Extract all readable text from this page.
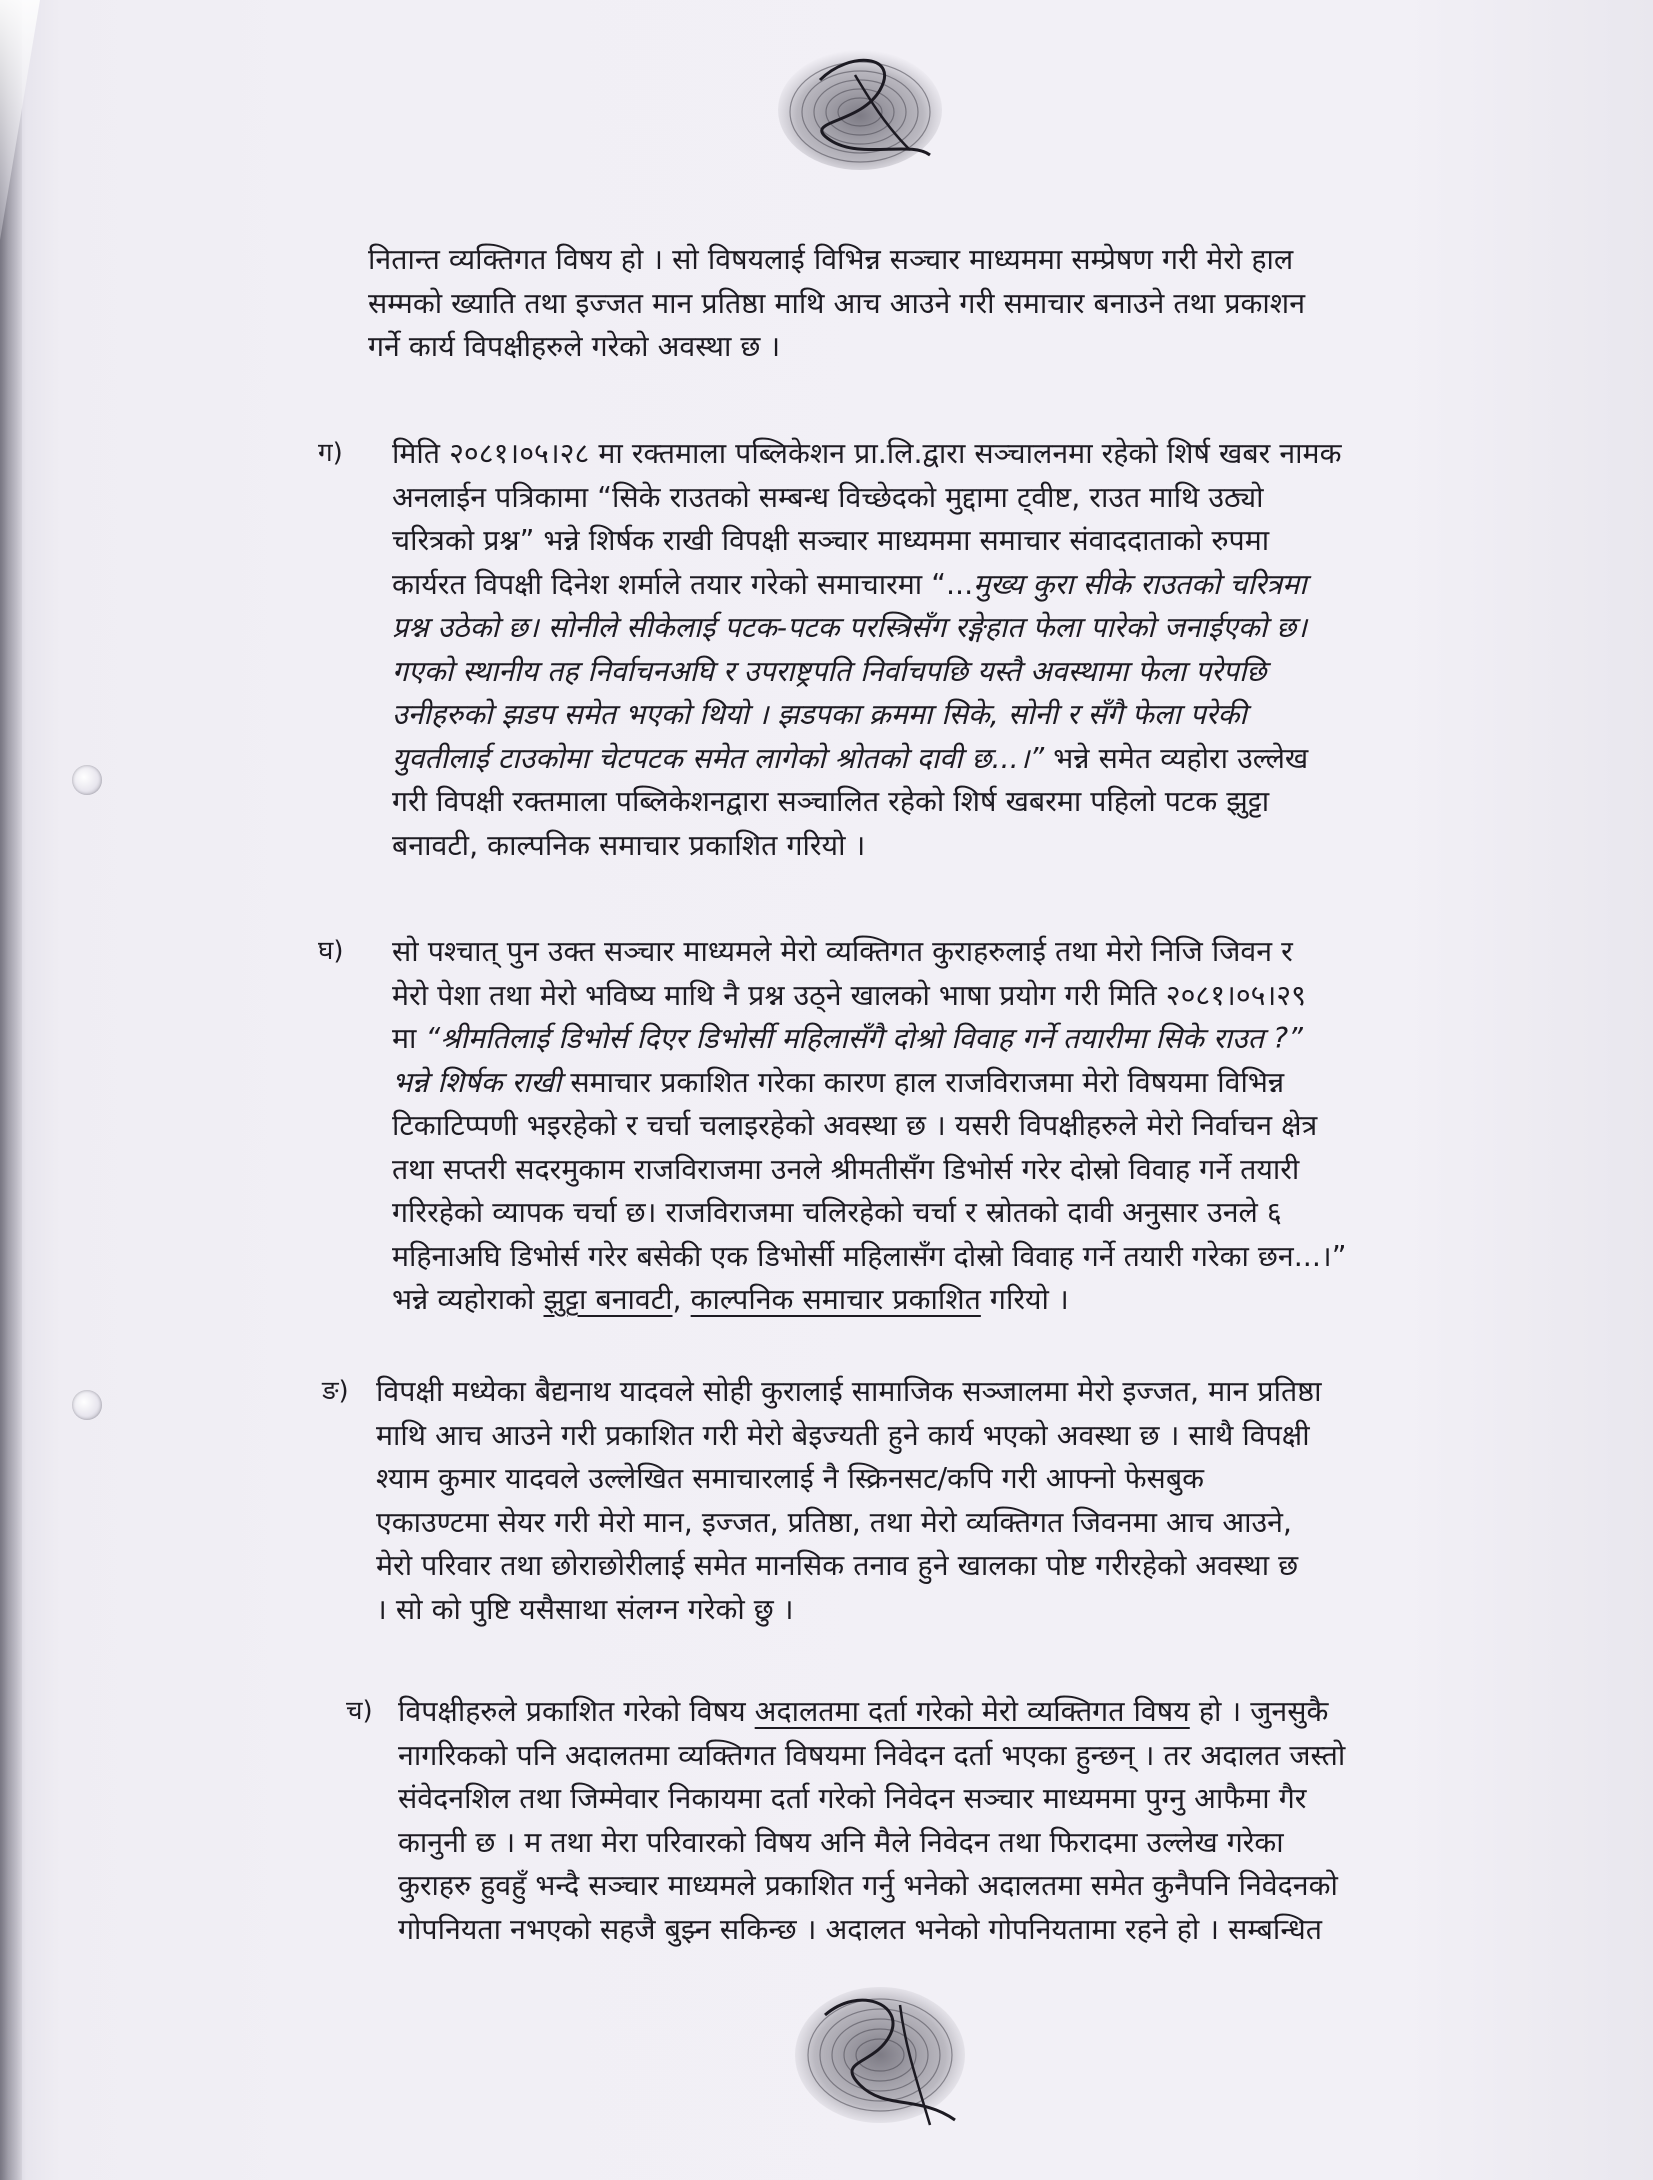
नितान्त व्यक्तिगत विषय हो । सो विषयलाई विभिन्न सञ्चार माध्यममा सम्प्रेषण गरी मेरो हाल
सम्मको ख्याति तथा इज्जत मान प्रतिष्ठा माथि आच आउने गरी समाचार बनाउने तथा प्रकाशन
गर्ने कार्य विपक्षीहरुले गरेको अवस्था छ ।
ग) मिति २०८१।०५।२८ मा रक्तमाला पब्लिकेशन प्रा.लि.द्वारा सञ्चालनमा रहेको शिर्ष खबर नामक
अनलाईन पत्रिकामा “सिके राउतको सम्बन्ध विच्छेदको मुद्दामा ट्वीष्ट, राउत माथि उठ्यो
चरित्रको प्रश्न” भन्ने शिर्षक राखी विपक्षी सञ्चार माध्यममा समाचार संवाददाताको रुपमा
कार्यरत विपक्षी दिनेश शर्माले तयार गरेको समाचारमा “...मुख्य कुरा सीके राउतको चरित्रमा
प्रश्न उठेको छ। सोनीले सीकेलाई पटक-पटक परस्त्रिसँग रङ्गेहात फेला पारेको जनाईएको छ।
गएको स्थानीय तह निर्वाचनअघि र उपराष्ट्रपति निर्वाचपछि यस्तै अवस्थामा फेला परेपछि
उनीहरुको झडप समेत भएको थियो । झडपका क्रममा सिके, सोनी र सँगै फेला परेकी
युवतीलाई टाउकोमा चेटपटक समेत लागेको श्रोतको दावी छ...।” भन्ने समेत व्यहोरा उल्लेख
गरी विपक्षी रक्तमाला पब्लिकेशनद्वारा सञ्चालित रहेको शिर्ष खबरमा पहिलो पटक झुट्टा
बनावटी, काल्पनिक समाचार प्रकाशित गरियो ।
घ) सो पश्चात् पुन उक्त सञ्चार माध्यमले मेरो व्यक्तिगत कुराहरुलाई तथा मेरो निजि जिवन र
मेरो पेशा तथा मेरो भविष्य माथि नै प्रश्न उठ्ने खालको भाषा प्रयोग गरी मिति २०८१।०५।२९
मा “श्रीमतिलाई डिभोर्स दिएर डिभोर्सी महिलासँगै दोश्रो विवाह गर्ने तयारीमा सिके राउत ?”
भन्ने शिर्षक राखी समाचार प्रकाशित गरेका कारण हाल राजविराजमा मेरो विषयमा विभिन्न
टिकाटिप्पणी भइरहेको र चर्चा चलाइरहेको अवस्था छ । यसरी विपक्षीहरुले मेरो निर्वाचन क्षेत्र
तथा सप्तरी सदरमुकाम राजविराजमा उनले श्रीमतीसँग डिभोर्स गरेर दोस्रो विवाह गर्ने तयारी
गरिरहेको व्यापक चर्चा छ। राजविराजमा चलिरहेको चर्चा र स्रोतको दावी अनुसार उनले ६
महिनाअघि डिभोर्स गरेर बसेकी एक डिभोर्सी महिलासँग दोस्रो विवाह गर्ने तयारी गरेका छन...।”
भन्ने व्यहोराको झुट्टा बनावटी, काल्पनिक समाचार प्रकाशित गरियो ।
ङ) विपक्षी मध्येका बैद्यनाथ यादवले सोही कुरालाई सामाजिक सञ्जालमा मेरो इज्जत, मान प्रतिष्ठा
माथि आच आउने गरी प्रकाशित गरी मेरो बेइज्यती हुने कार्य भएको अवस्था छ । साथै विपक्षी
श्याम कुमार यादवले उल्लेखित समाचारलाई नै स्क्रिनसट/कपि गरी आफ्नो फेसबुक
एकाउण्टमा सेयर गरी मेरो मान, इज्जत, प्रतिष्ठा, तथा मेरो व्यक्तिगत जिवनमा आच आउने,
मेरो परिवार तथा छोराछोरीलाई समेत मानसिक तनाव हुने खालका पोष्ट गरीरहेको अवस्था छ
। सो को पुष्टि यसैसाथा संलग्न गरेको छु ।
च) विपक्षीहरुले प्रकाशित गरेको विषय अदालतमा दर्ता गरेको मेरो व्यक्तिगत विषय हो । जुनसुकै
नागरिकको पनि अदालतमा व्यक्तिगत विषयमा निवेदन दर्ता भएका हुन्छन् । तर अदालत जस्तो
संवेदनशिल तथा जिम्मेवार निकायमा दर्ता गरेको निवेदन सञ्चार माध्यममा पुग्नु आफैमा गैर
कानुनी छ । म तथा मेरा परिवारको विषय अनि मैले निवेदन तथा फिरादमा उल्लेख गरेका
कुराहरु हुवहुँ भन्दै सञ्चार माध्यमले प्रकाशित गर्नु भनेको अदालतमा समेत कुनैपनि निवेदनको
गोपनियता नभएको सहजै बुझ्न सकिन्छ । अदालत भनेको गोपनियतामा रहने हो । सम्बन्धित
